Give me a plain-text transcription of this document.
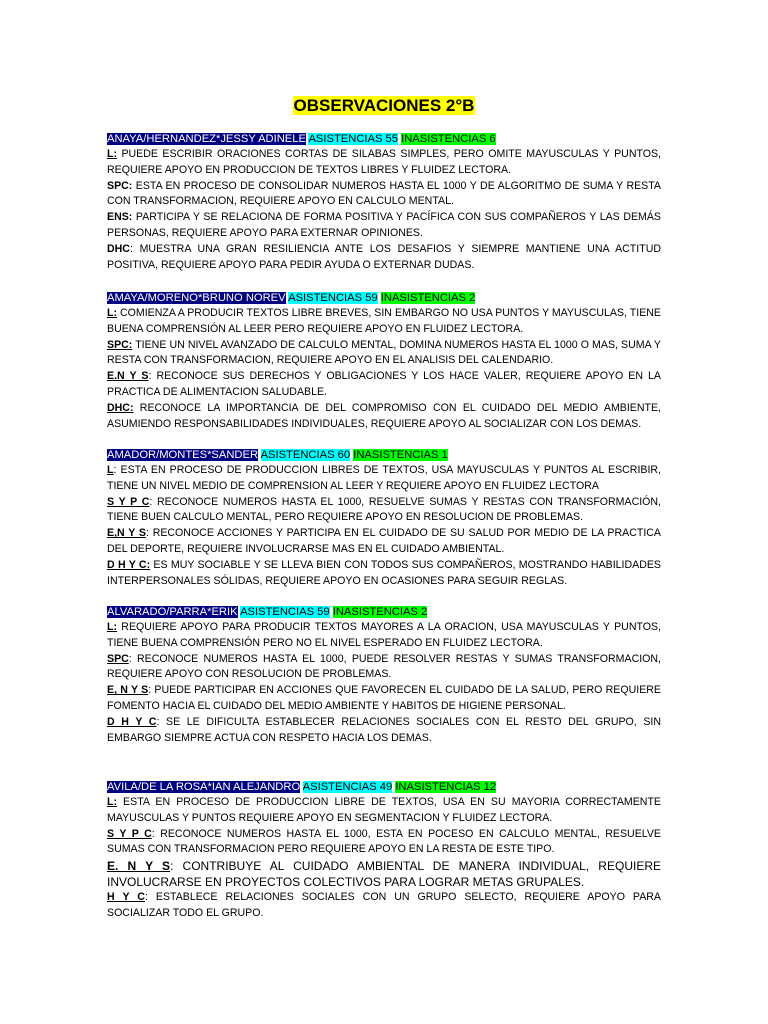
OBSERVACIONES 2°B
ANAYA/HERNANDEZ*JESSY ADINELE ASISTENCIAS 55 INASISTENCIAS 6

L: PUEDE ESCRIBIR ORACIONES CORTAS DE SILABAS SIMPLES, PERO OMITE MAYUSCULAS Y PUNTOS, REQUIERE APOYO EN PRODUCCION DE TEXTOS LIBRES Y FLUIDEZ LECTORA.

SPC: ESTA EN PROCESO DE CONSOLIDAR NUMEROS HASTA EL 1000 Y DE ALGORITMO DE SUMA Y RESTA CON TRANSFORMACION, REQUIERE APOYO EN CALCULO MENTAL.

ENS: PARTICIPA Y SE RELACIONA DE FORMA POSITIVA Y PACÍFICA CON SUS COMPAÑEROS Y LAS DEMÁS PERSONAS, REQUIERE APOYO PARA EXTERNAR OPINIONES.

DHC: MUESTRA UNA GRAN RESILIENCIA ANTE LOS DESAFIOS Y SIEMPRE MANTIENE UNA ACTITUD POSITIVA, REQUIERE APOYO PARA PEDIR AYUDA O EXTERNAR DUDAS.

AMAYA/MORENO*BRUNO NOREV ASISTENCIAS 59 INASISTENCIAS 2

L: COMIENZA A PRODUCIR TEXTOS LIBRE BREVES, SIN EMBARGO NO USA PUNTOS Y MAYUSCULAS, TIENE BUENA COMPRENSIÓN AL LEER PERO REQUIERE APOYO EN FLUIDEZ LECTORA.

SPC: TIENE UN NIVEL AVANZADO DE CALCULO MENTAL, DOMINA NUMEROS HASTA EL 1000 O MAS, SUMA Y RESTA CON TRANSFORMACION, REQUIERE APOYO EN EL ANALISIS DEL CALENDARIO.

E.N Y S: RECONOCE SUS DERECHOS Y OBLIGACIONES Y LOS HACE VALER, REQUIERE APOYO EN LA PRACTICA DE ALIMENTACION SALUDABLE.

DHC: RECONOCE LA IMPORTANCIA DE DEL COMPROMISO CON EL CUIDADO DEL MEDIO AMBIENTE, ASUMIENDO RESPONSABILIDADES INDIVIDUALES, REQUIERE APOYO AL SOCIALIZAR CON LOS DEMAS.

AMADOR/MONTES*SANDER ASISTENCIAS 60 INASISTENCIAS 1

L: ESTA EN PROCESO DE PRODUCCION LIBRES DE TEXTOS, USA MAYUSCULAS Y PUNTOS AL ESCRIBIR, TIENE UN NIVEL MEDIO DE COMPRENSION AL LEER Y REQUIERE APOYO EN FLUIDEZ LECTORA

S Y P C: RECONOCE NUMEROS HASTA EL 1000, RESUELVE SUMAS Y RESTAS CON TRANSFORMACIÓN, TIENE BUEN CALCULO MENTAL, PERO REQUIERE APOYO EN RESOLUCION DE PROBLEMAS.

E,N Y S: RECONOCE ACCIONES Y PARTICIPA EN EL CUIDADO DE SU SALUD POR MEDIO DE LA PRACTICA DEL DEPORTE, REQUIERE INVOLUCRARSE MAS EN EL CUIDADO AMBIENTAL.

D H Y C: ES MUY SOCIABLE Y SE LLEVA BIEN CON TODOS SUS COMPAÑEROS, MOSTRANDO HABILIDADES INTERPERSONALES SÓLIDAS, REQUIERE APOYO EN OCASIONES PARA SEGUIR REGLAS.

ALVARADO/PARRA*ERIK ASISTENCIAS 59 INASISTENCIAS 2

L: REQUIERE APOYO PARA PRODUCIR TEXTOS MAYORES A LA ORACION, USA MAYUSCULAS Y PUNTOS, TIENE BUENA COMPRENSIÓN PERO NO EL NIVEL ESPERADO EN FLUIDEZ LECTORA.

SPC: RECONOCE NUMEROS HASTA EL 1000, PUEDE RESOLVER RESTAS Y SUMAS TRANSFORMACION, REQUIERE APOYO CON RESOLUCION DE PROBLEMAS.

E, N Y S: PUEDE PARTICIPAR EN ACCIONES QUE FAVORECEN EL CUIDADO DE LA SALUD, PERO REQUIERE FOMENTO HACIA EL CUIDADO DEL MEDIO AMBIENTE Y HABITOS DE HIGIENE PERSONAL.

D H Y C: SE LE DIFICULTA ESTABLECER RELACIONES SOCIALES CON EL RESTO DEL GRUPO, SIN EMBARGO SIEMPRE ACTUA CON RESPETO HACIA LOS DEMAS.

AVILA/DE LA ROSA*IAN ALEJANDRO ASISTENCIAS 49 INASISTENCIAS 12

L: ESTA EN PROCESO DE PRODUCCION LIBRE DE TEXTOS, USA EN SU MAYORIA CORRECTAMENTE MAYUSCULAS Y PUNTOS REQUIERE APOYO EN SEGMENTACION Y FLUIDEZ LECTORA.

S Y P C: RECONOCE NUMEROS HASTA EL 1000, ESTA EN POCESO EN CALCULO MENTAL, RESUELVE SUMAS CON TRANSFORMACION PERO REQUIERE APOYO EN LA RESTA DE ESTE TIPO.

E. N Y S: CONTRIBUYE AL CUIDADO AMBIENTAL DE MANERA INDIVIDUAL, REQUIERE INVOLUCRARSE EN PROYECTOS COLECTIVOS PARA LOGRAR METAS GRUPALES.

H Y C: ESTABLECE RELACIONES SOCIALES CON UN GRUPO SELECTO, REQUIERE APOYO PARA SOCIALIZAR TODO EL GRUPO.
